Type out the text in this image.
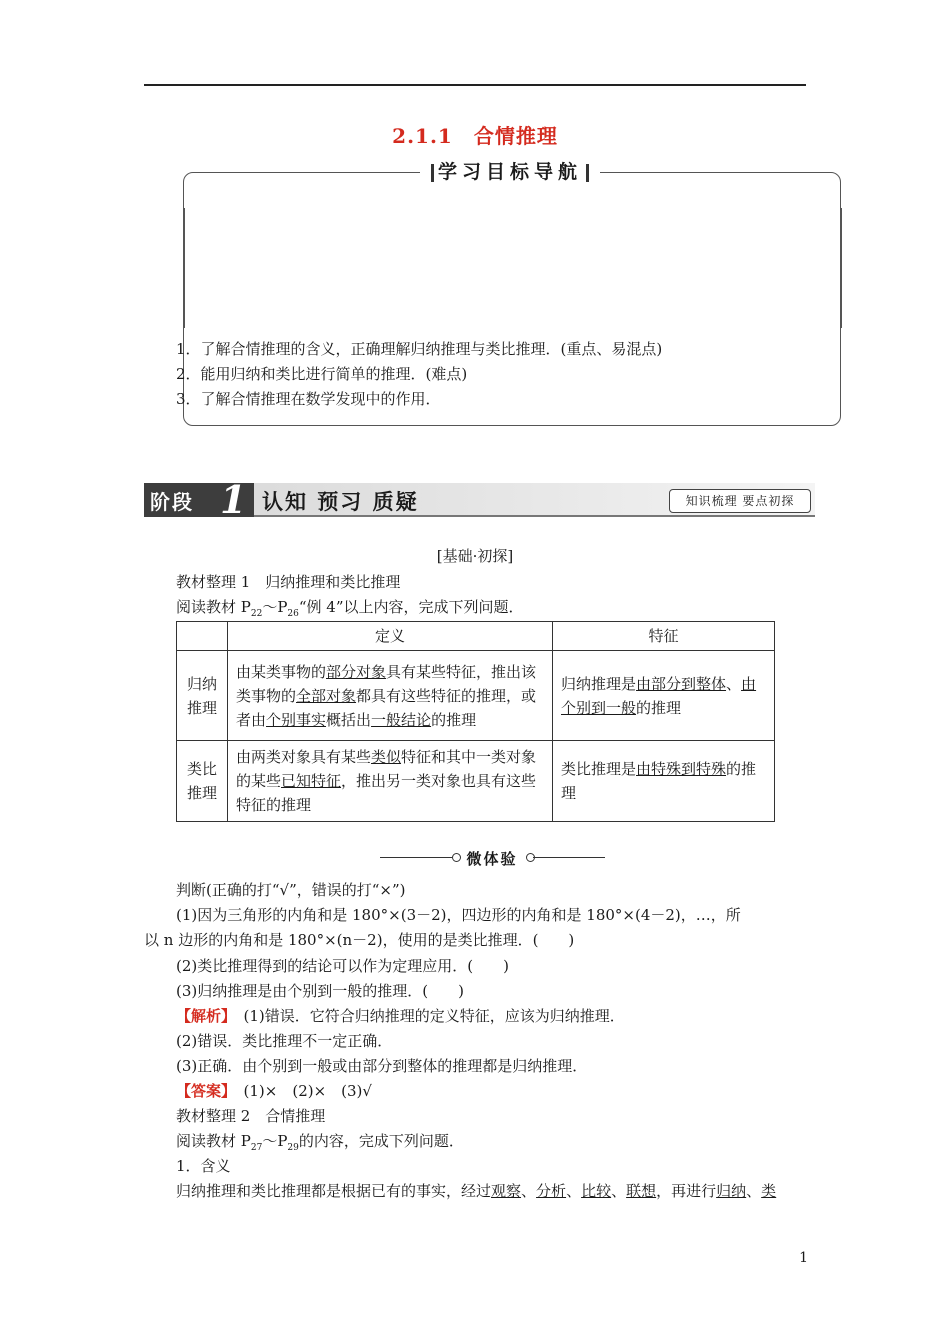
2.1.1　合情推理
学习目标导航
1．了解合情推理的含义，正确理解归纳推理与类比推理．(重点、易混点)
2．能用归纳和类比进行简单的推理．(难点)
3．了解合情推理在数学发现中的作用．
阶段 1 认知 预习 质疑	知识梳理 要点初探
[基础·初探]
教材整理 1　归纳推理和类比推理
阅读教材 $P_{22}\sim P_{26}“$例 4”以上内容，完成下列问题．
	定义	特征

归纳推理	由某类事物的部分对象具有某些特征，推出该类事物的全部对象都具有这些特征的推理，或者由个别事实概括出一般结论的推理	归纳推理是由部分到整体、由个别到一般的推理

类比推理	由两类对象具有某些类似特征和其中一类对象的某些已知特征，推出另一类对象也具有这些特征的推理	类比推理是由特殊到特殊的推理
微体验
判断(正确的打“√”，错误的打“×”)
(1)因为三角形的内角和是 180°×(3－2)，四边形的内角和是 180°×(4－2)，…，所
以 n 边形的内角和是 180°×(n－2)，使用的是类比推理．(　　)
(2)类比推理得到的结论可以作为定理应用．(　　)
(3)归纳推理是由个别到一般的推理．(　　)
【解析】　 (1)错误．它符合归纳推理的定义特征，应该为归纳推理．
(2)错误．类比推理不一定正确．
(3)正确．由个别到一般或由部分到整体的推理都是归纳推理．
【答案】　 (1)×　(2)×　(3)√
教材整理 2　合情推理
阅读教材 $P_{27}\sim P_{29}$的内容，完成下列问题．
1．含义
归纳推理和类比推理都是根据已有的事实，经过观察、分析、比较、联想，再进行归纳、类
1
